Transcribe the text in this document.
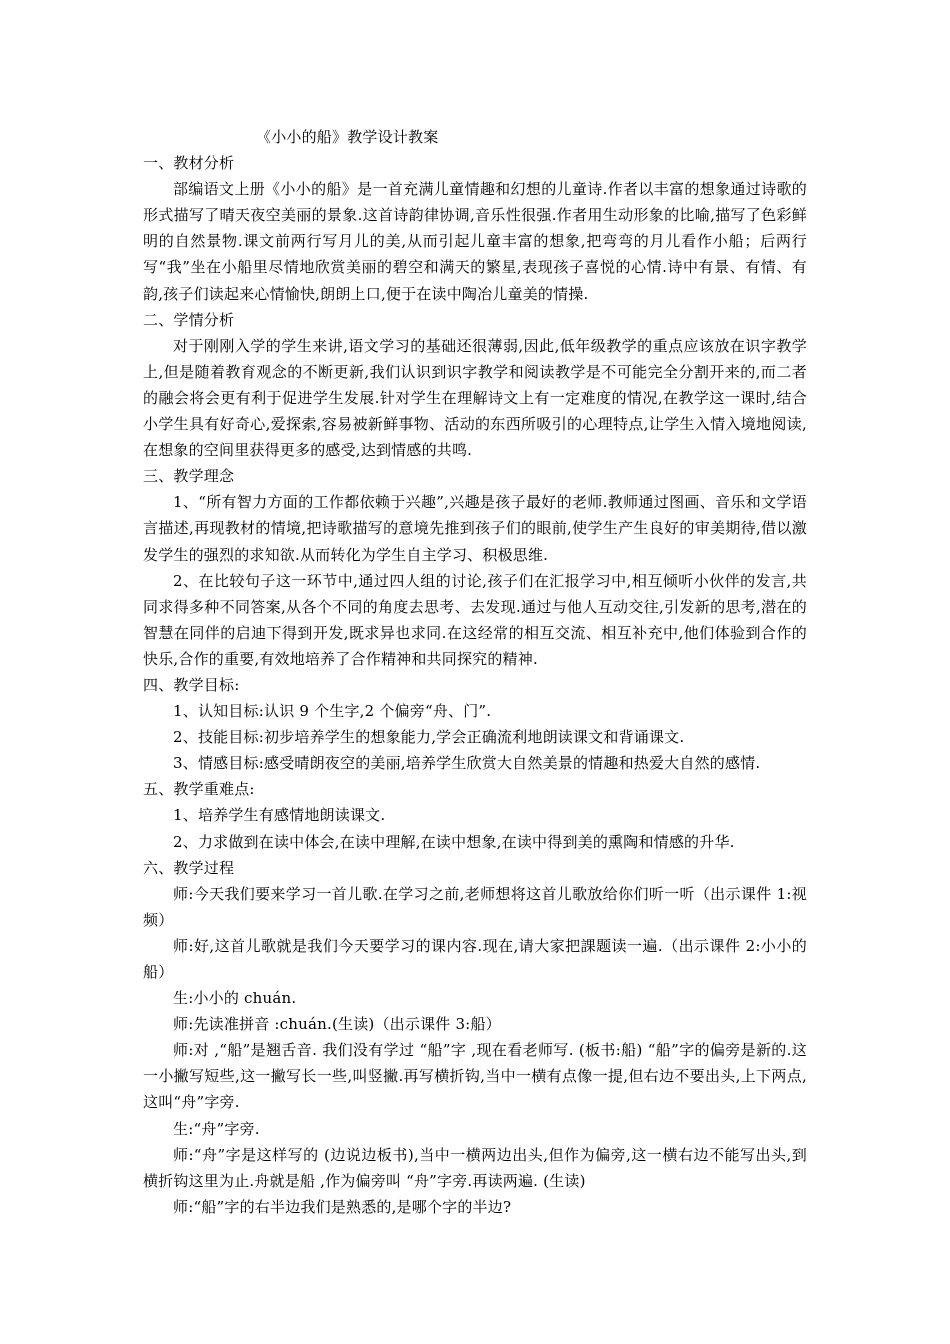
《小小的船》教学设计教案
一、教材分析
部编语文上册《小小的船》是一首充满儿童情趣和幻想的儿童诗.作者以丰富的想象通过诗歌的形式描写了晴天夜空美丽的景象.这首诗韵律协调,音乐性很强.作者用生动形象的比喻,描写了色彩鲜明的自然景物.课文前两行写月儿的美,从而引起儿童丰富的想象,把弯弯的月儿看作小船；后两行写“我”坐在小船里尽情地欣赏美丽的碧空和满天的繁星,表现孩子喜悦的心情.诗中有景、有情、有韵,孩子们读起来心情愉快,朗朗上口,便于在读中陶冶儿童美的情操.
二、学情分析
对于刚刚入学的学生来讲,语文学习的基础还很薄弱,因此,低年级教学的重点应该放在识字教学上,但是随着教育观念的不断更新,我们认识到识字教学和阅读教学是不可能完全分割开来的,而二者的融会将会更有利于促进学生发展.针对学生在理解诗文上有一定难度的情况,在教学这一课时,结合小学生具有好奇心,爱探索,容易被新鲜事物、活动的东西所吸引的心理特点,让学生入情入境地阅读,在想象的空间里获得更多的感受,达到情感的共鸣.
三、教学理念
1、“所有智力方面的工作都依赖于兴趣”,兴趣是孩子最好的老师.教师通过图画、音乐和文学语言描述,再现教材的情境,把诗歌描写的意境先推到孩子们的眼前,使学生产生良好的审美期待,借以激发学生的强烈的求知欲.从而转化为学生自主学习、积极思维.
2、在比较句子这一环节中,通过四人组的讨论,孩子们在汇报学习中,相互倾听小伙伴的发言,共同求得多种不同答案,从各个不同的角度去思考、去发现.通过与他人互动交往,引发新的思考,潜在的智慧在同伴的启迪下得到开发,既求异也求同.在这经常的相互交流、相互补充中,他们体验到合作的快乐,合作的重要,有效地培养了合作精神和共同探究的精神.
四、教学目标:
1、认知目标:认识 9 个生字,2 个偏旁“舟、门”.
2、技能目标:初步培养学生的想象能力,学会正确流利地朗读课文和背诵课文.
3、情感目标:感受晴朗夜空的美丽,培养学生欣赏大自然美景的情趣和热爱大自然的感情.
五、教学重难点:
1、培养学生有感情地朗读课文.
2、力求做到在读中体会,在读中理解,在读中想象,在读中得到美的熏陶和情感的升华.
六、教学过程
师:今天我们要来学习一首儿歌.在学习之前,老师想将这首儿歌放给你们听一听（出示课件 1:视频）
师:好,这首儿歌就是我们今天要学习的课内容.现在,请大家把課题读一遍.（出示课件 2:小小的船）
生:小小的 chuán.
师:先读准拼音 :chuán.(生读)（出示课件 3:船）
师:对 ,“船”是翘舌音. 我们没有学过 “船”字 ,现在看老师写. (板书:船) “船”字的偏旁是新的.这一小撇写短些,这一撇写长一些,叫竖撇.再写横折钩,当中一横有点像一提,但右边不要出头,上下两点,这叫“舟”字旁.
生:“舟”字旁.
师:“舟”字是这样写的 (边说边板书),当中一横两边出头,但作为偏旁,这一横右边不能写出头,到横折钩这里为止.舟就是船 ,作为偏旁叫 “舟”字旁.再读两遍. (生读)
师:“船”字的右半边我们是熟悉的,是哪个字的半边?
